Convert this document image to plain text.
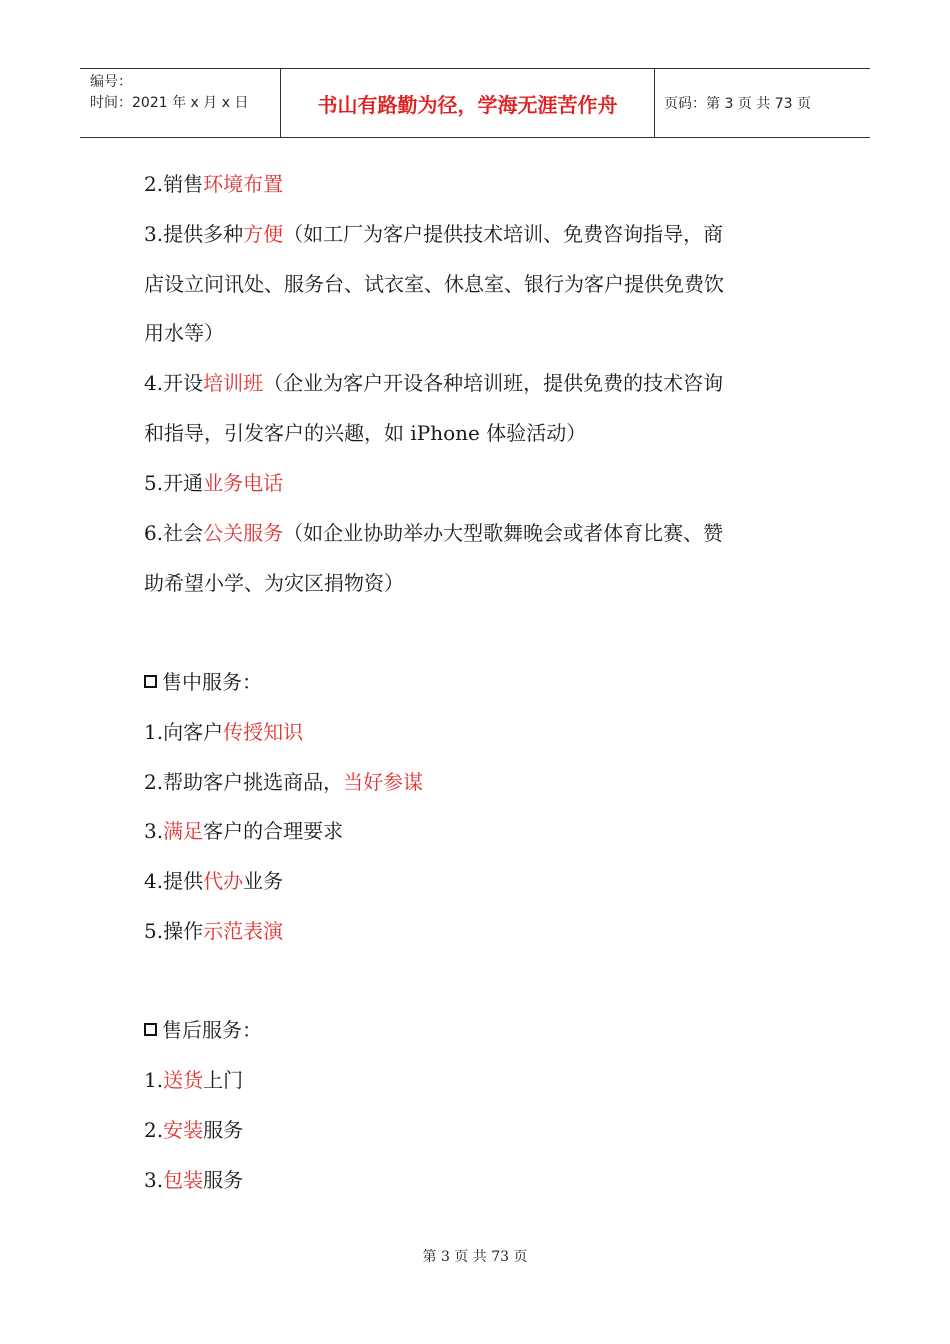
编号：
时间：2021 年 x 月 x 日	书山有路勤为径，学海无涯苦作舟	页码：第 3 页 共 73 页
2.销售环境布置
3.提供多种方便（如工厂为客户提供技术培训、免费咨询指导，商
店设立问讯处、服务台、试衣室、休息室、银行为客户提供免费饮
用水等）
4.开设培训班（企业为客户开设各种培训班，提供免费的技术咨询
和指导，引发客户的兴趣，如 iPhone 体验活动）
5.开通业务电话
6.社会公关服务（如企业协助举办大型歌舞晚会或者体育比赛、赞
助希望小学、为灾区捐物资）
售中服务：
1.向客户传授知识
2.帮助客户挑选商品，当好参谋
3.满足客户的合理要求
4.提供代办业务
5.操作示范表演
售后服务：
1.送货上门
2.安装服务
3.包装服务
第 3 页 共 73 页
